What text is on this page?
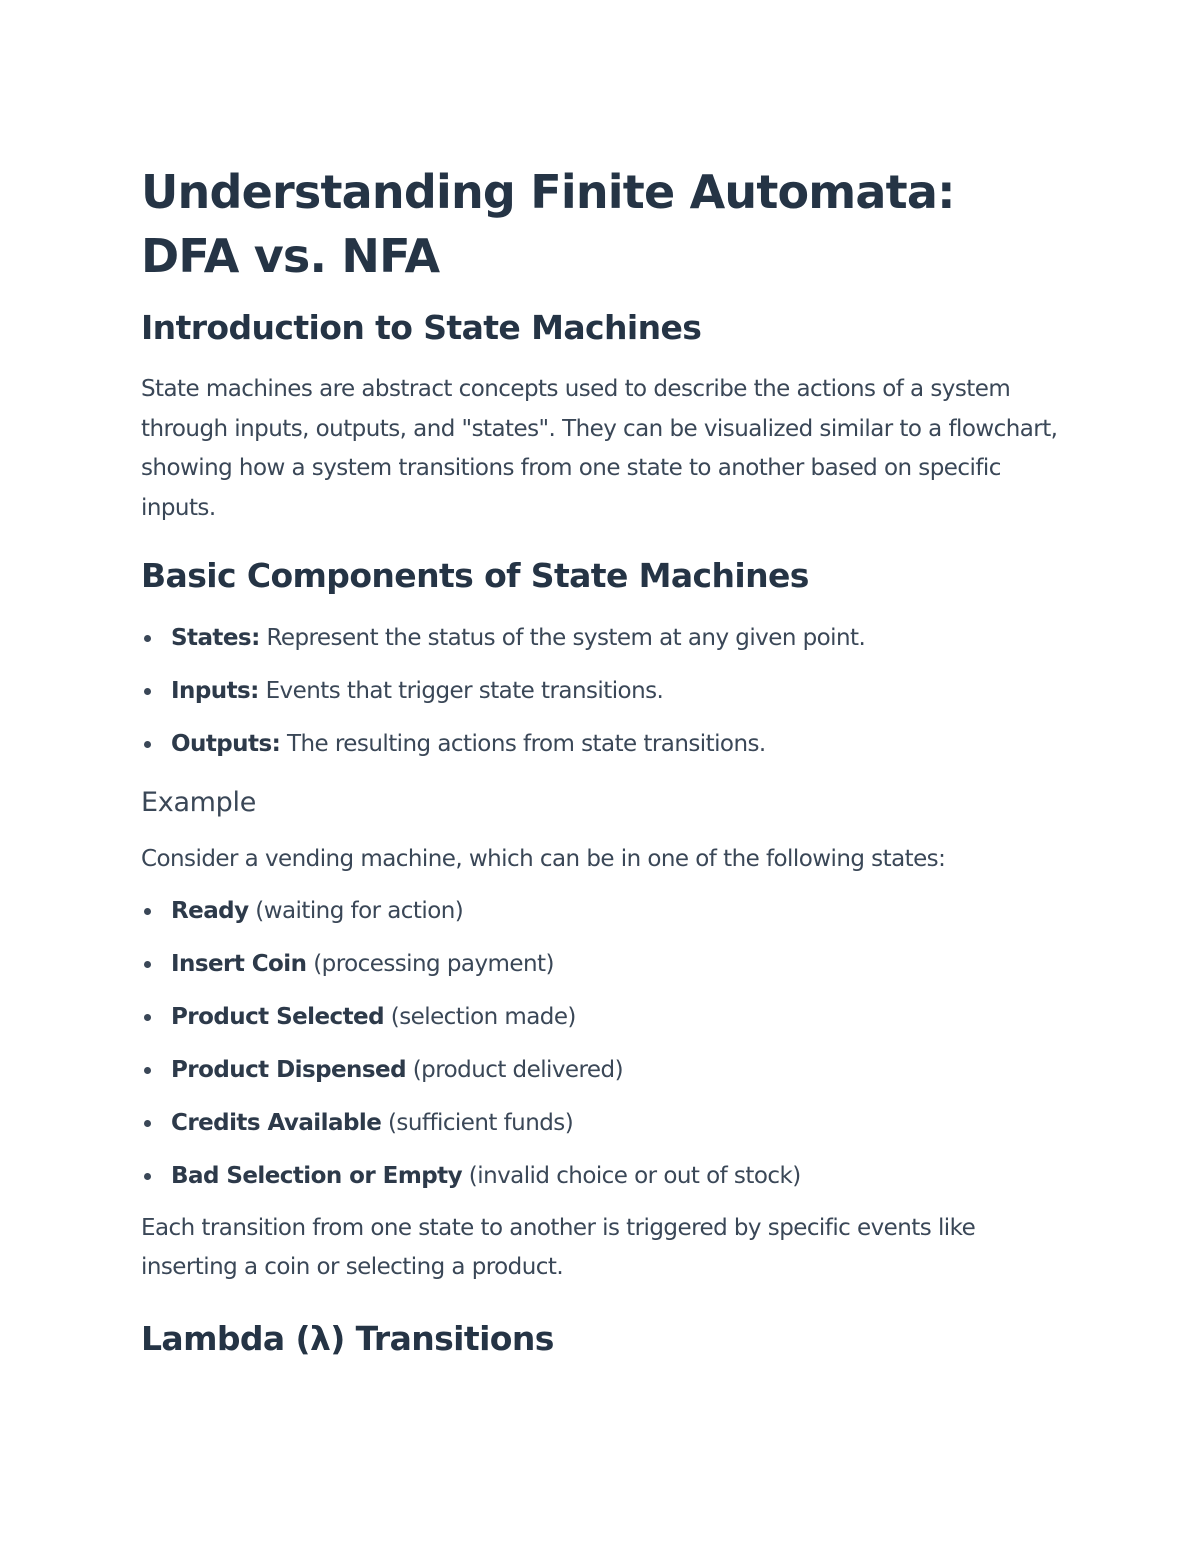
Understanding Finite Automata: DFA vs. NFA
Introduction to State Machines

State machines are abstract concepts used to describe the actions of a system through inputs, outputs, and "states". They can be visualized similar to a flowchart, showing how a system transitions from one state to another based on specific inputs.

Basic Components of State Machines
States: Represent the status of the system at any given point.
Inputs: Events that trigger state transitions.
Outputs: The resulting actions from state transitions.
Example

Consider a vending machine, which can be in one of the following states:

Ready (waiting for action)
Insert Coin (processing payment)
Product Selected (selection made)
Product Dispensed (product delivered)
Credits Available (sufficient funds)
Bad Selection or Empty (invalid choice or out of stock)

Each transition from one state to another is triggered by specific events like inserting a coin or selecting a product.

Lambda (λ) Transitions
